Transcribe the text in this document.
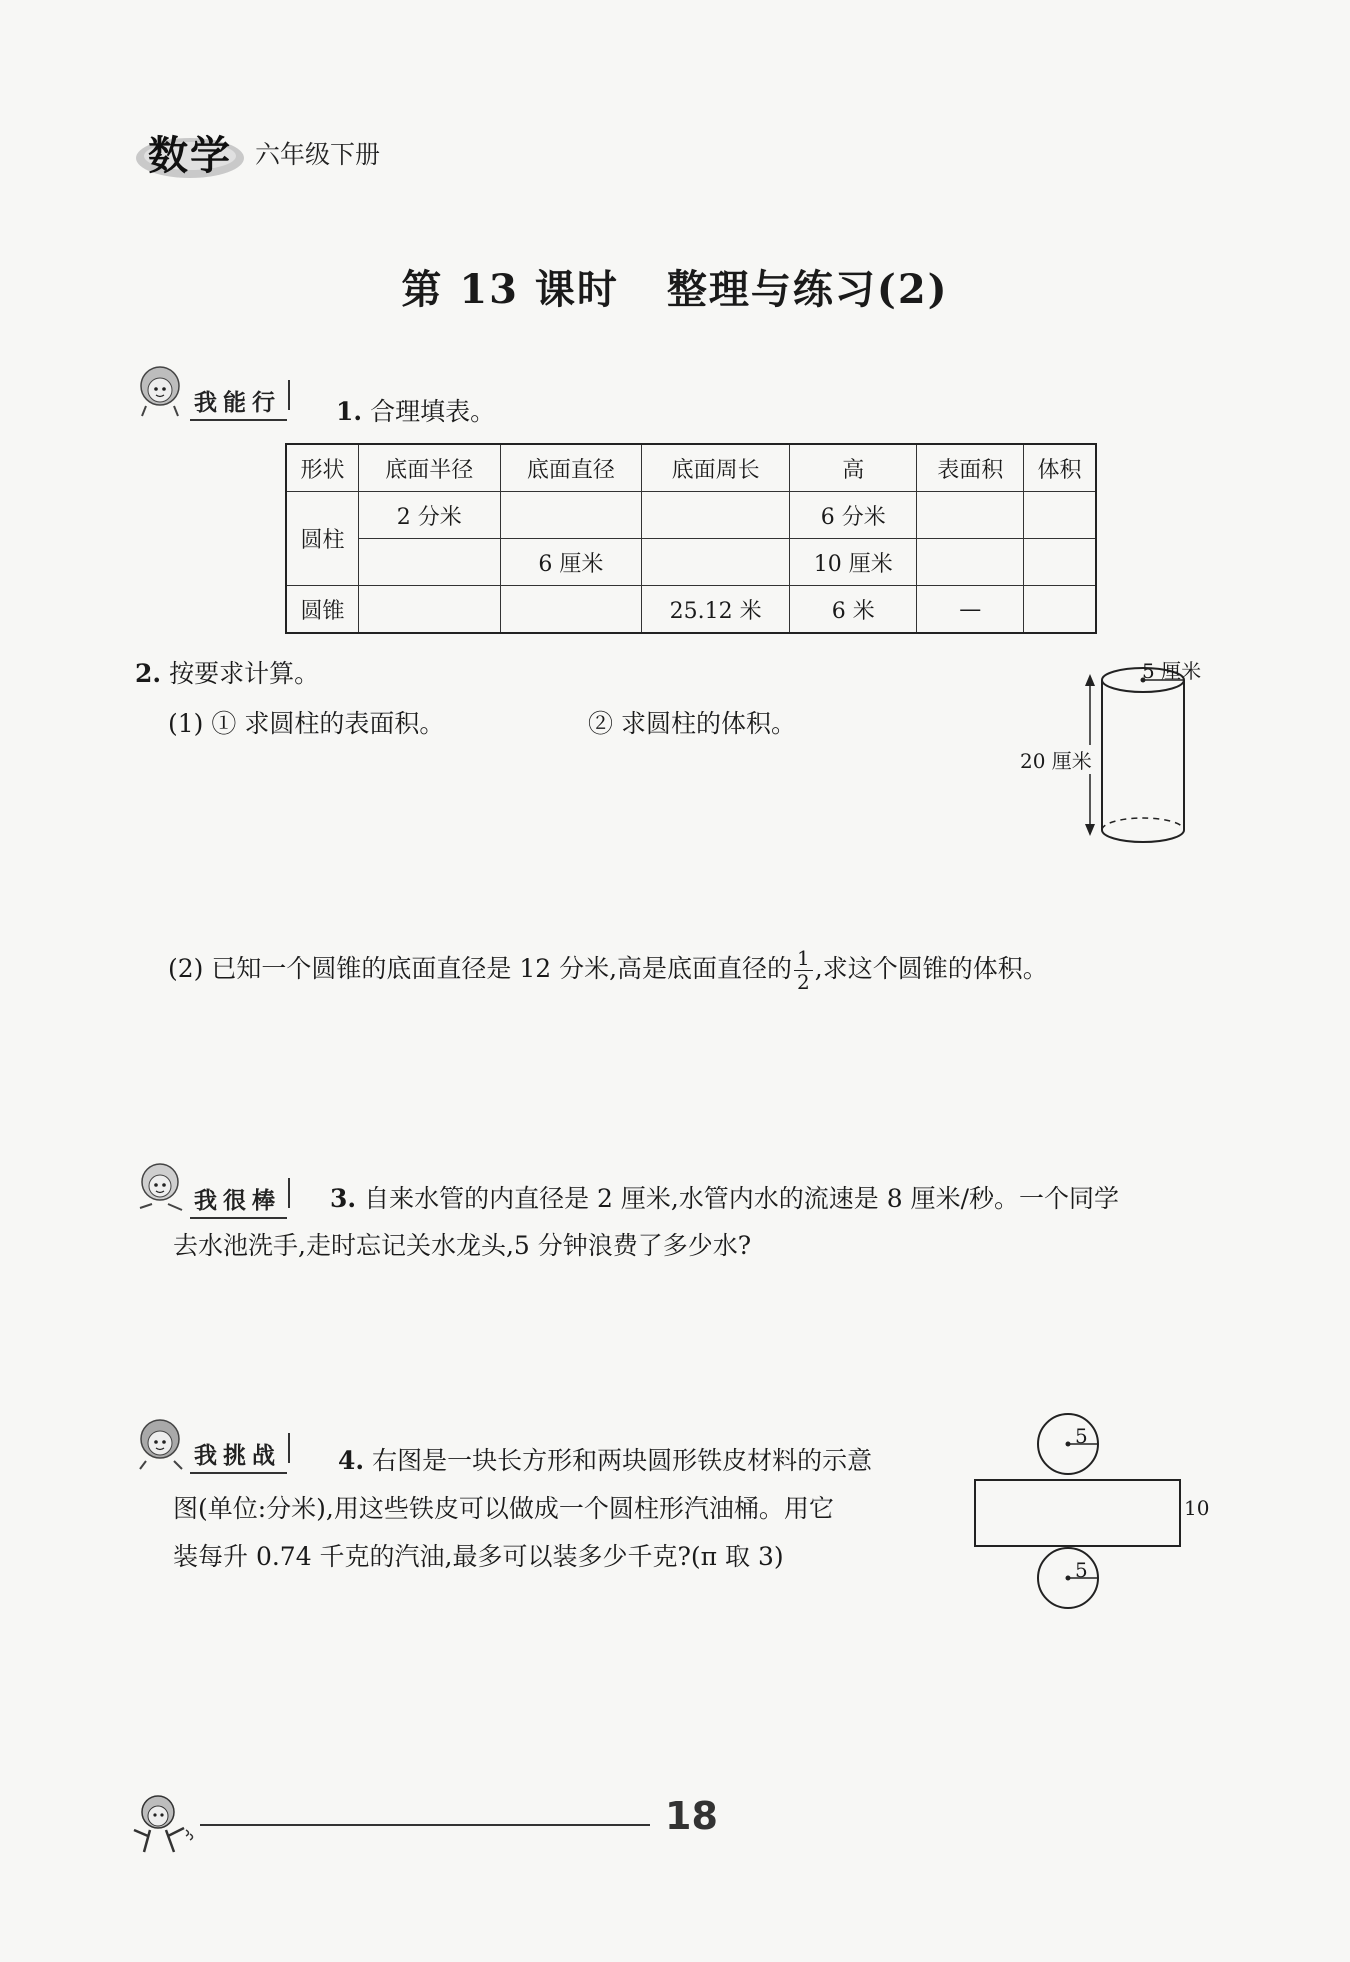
数学 六年级下册
第 13 课时 整理与练习(2)
我能行 1. 合理填表。
形状	底面半径	底面直径	底面周长	高	表面积	体积
圆柱	2 分米			6 分米		
		6 厘米		10 厘米		
圆锥			25.12 米	6 米	—	
2. 按要求计算。
(1) ① 求圆柱的表面积。	② 求圆柱的体积。
5 厘米
20 厘米
(2) 已知一个圆锥的底面直径是 12 分米,高是底面直径的 $\frac{1}{2}$ ,求这个圆锥的体积。
我很棒 3. 自来水管的内直径是 2 厘米,水管内水的流速是 8 厘米/秒。一个同学
去水池洗手,走时忘记关水龙头,5 分钟浪费了多少水?
我挑战 4. 右图是一块长方形和两块圆形铁皮材料的示意
图(单位:分米),用这些铁皮可以做成一个圆柱形汽油桶。用它
装每升 0.74 千克的汽油,最多可以装多少千克?(π 取 3)
5
10
5
18
